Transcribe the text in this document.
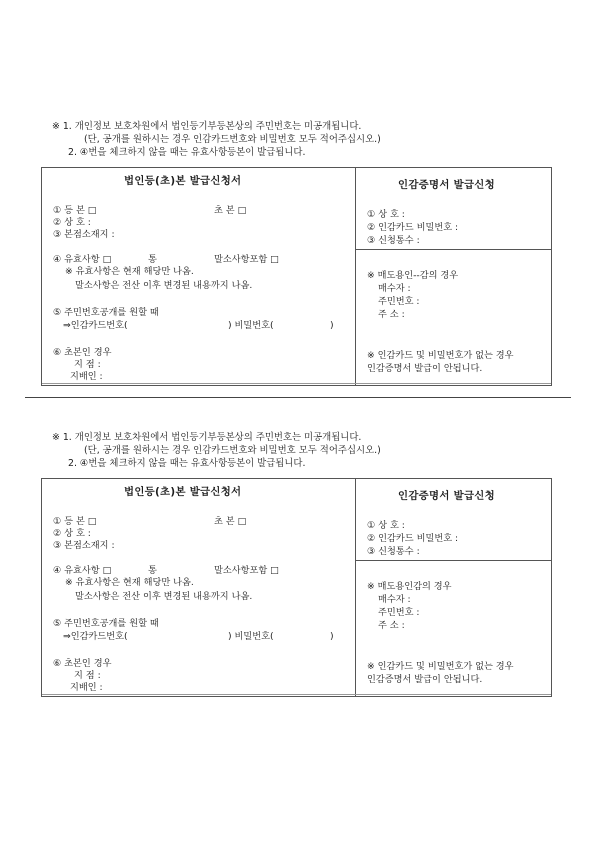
※ 1. 개인정보 보호차원에서 법인등기부등본상의 주민번호는 미공개됩니다.
(단, 공개를 원하시는 경우 인감카드번호와 비밀번호 모두 적어주십시오.)
2. ④번을 체크하지 않을 때는 유효사항등본이 발급됩니다.
법인등(초)본 발급신청서
① 등 본 □	초 본 □
② 상 호 :
③ 본점소재지 :
④ 유효사항 □	통	말소사항포함 □
※ 유효사항은 현재 해당만 나옴.
말소사항은 전산 이후 변경된 내용까지 나옴.
⑤ 주민번호공개를 원할 때
⇒인감카드번호(	) 비밀번호(	)
⑥ 초본인 경우
지 점 :
지배인 :
인감증명서 발급신청
① 상 호 :
② 인감카드 비밀번호 :
③ 신청통수 :
※ 매도용인--감의 경우
매수자 :
주민번호 :
주 소 :
※ 인감카드 및 비밀번호가 없는 경우
인감증명서 발급이 안됩니다.
※ 1. 개인정보 보호차원에서 법인등기부등본상의 주민번호는 미공개됩니다.
(단, 공개를 원하시는 경우 인감카드번호와 비밀번호 모두 적어주십시오.)
2. ④번을 체크하지 않을 때는 유효사항등본이 발급됩니다.
법인등(초)본 발급신청서
① 등 본 □	초 본 □
② 상 호 :
③ 본점소재지 :
④ 유효사항 □	통	말소사항포함 □
※ 유효사항은 현재 해당만 나옴.
말소사항은 전산 이후 변경된 내용까지 나옴.
⑤ 주민번호공개를 원할 때
⇒인감카드번호(	) 비밀번호(	)
⑥ 초본인 경우
지 점 :
지배인 :
인감증명서 발급신청
① 상 호 :
② 인감카드 비밀번호 :
③ 신청통수 :
※ 매도용인감의 경우
매수자 :
주민번호 :
주 소 :
※ 인감카드 및 비밀번호가 없는 경우
인감증명서 발급이 안됩니다.
